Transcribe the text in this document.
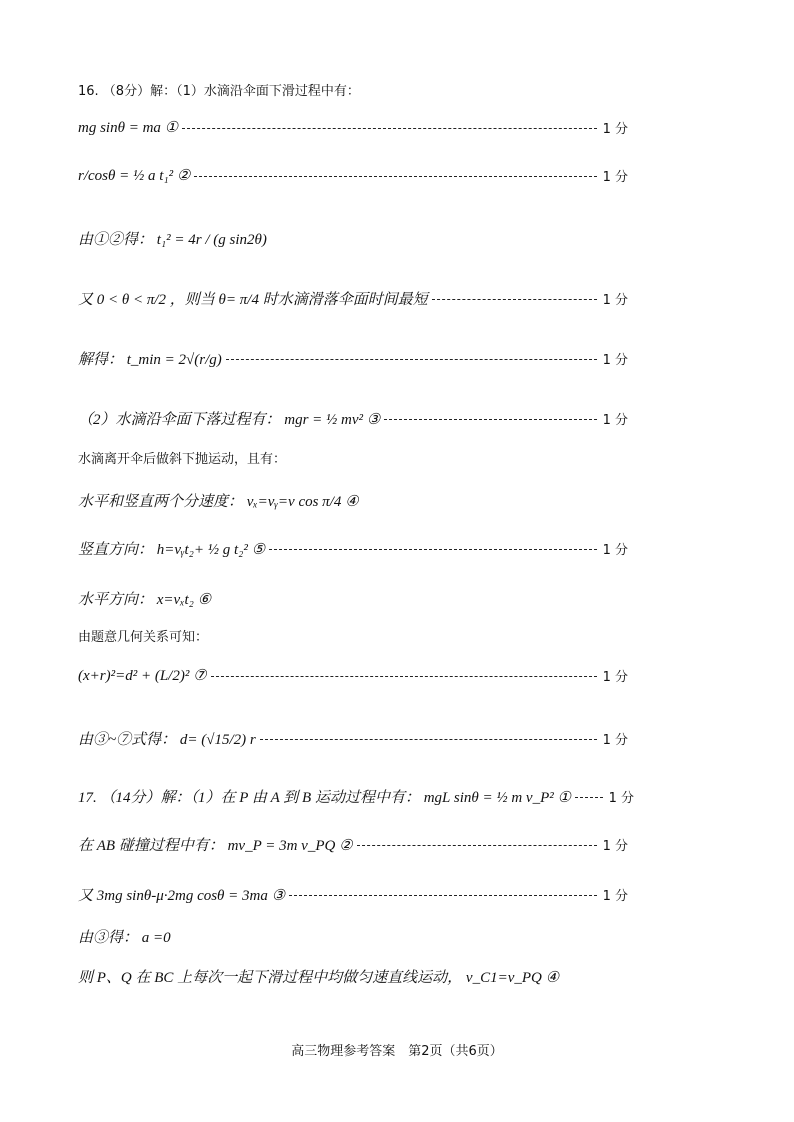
16. （8分）解：（1）水滴沿伞面下滑过程中有：
mg sinθ = ma ①	1 分
r/cosθ = ½ a t₁² ②	1 分
由①②得： t₁² = 4r / (g sin2θ)
又 0 < θ < π/2 ，则当 θ= π/4 时水滴滑落伞面时间最短	1 分
解得： t_min = 2√(r/g)	1 分
（2）水滴沿伞面下落过程有： mgr = ½ mv² ③	1 分
水滴离开伞后做斜下抛运动，且有：
水平和竖直两个分速度： vₓ=vᵧ=v cos π/4 ④
竖直方向： h=vᵧt₂+ ½ g t₂² ⑤	1 分
水平方向： x=vₓt₂ ⑥
由题意几何关系可知：
(x+r)²=d² + (L/2)² ⑦	1 分
由③~⑦式得： d= (√15/2) r	1 分
17. （14分）解：（1）在 P 由 A 到 B 运动过程中有： mgL sinθ = ½ m v_P² ①	1 分
在 AB 碰撞过程中有： mv_P = 3m v_PQ ②	1 分
又 3mg sinθ-μ·2mg cosθ = 3ma ③	1 分
由③得： a =0
则 P、Q 在 BC 上每次一起下滑过程中均做匀速直线运动， v_C1=v_PQ ④
高三物理参考答案　第2页（共6页）
